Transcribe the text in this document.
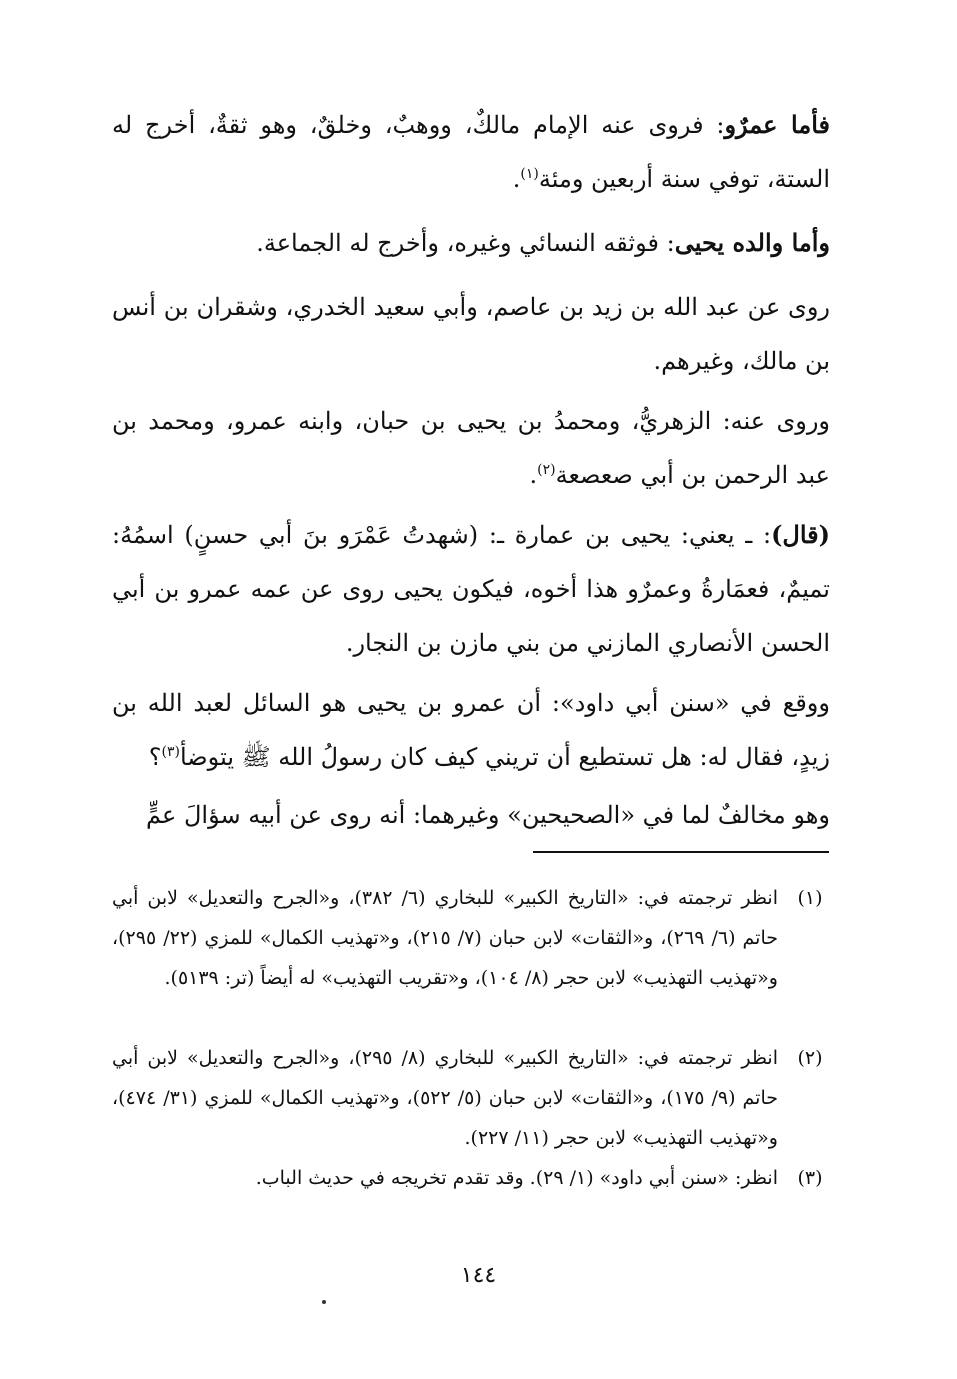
فأما عمرٌو: فروى عنه الإمام مالكٌ، ووهبٌ، وخلقٌ، وهو ثقةٌ، أخرج له الستة، توفي سنة أربعين ومئة$^{(١)}$.

وأما والده يحيى: فوثقه النسائي وغيره، وأخرج له الجماعة.

روى عن عبد الله بن زيد بن عاصم، وأبي سعيد الخدري، وشقران بن أنس بن مالك، وغيرهم.

وروى عنه: الزهريُّ، ومحمدُ بن يحيى بن حبان، وابنه عمرو، ومحمد بن عبد الرحمن بن أبي صعصعة$^{(٢)}$.

(قال): ـ يعني: يحيى بن عمارة ـ: (شهدتُ عَمْرَو بنَ أبي حسنٍ) اسمُهُ: تميمٌ، فعمَارةُ وعمرٌو هذا أخوه، فيكون يحيى روى عن عمه عمرو بن أبي الحسن الأنصاري المازني من بني مازن بن النجار.

ووقع في «سنن أبي داود»: أن عمرو بن يحيى هو السائل لعبد الله بن زيدٍ، فقال له: هل تستطيع أن تريني كيف كان رسولُ الله ﷺ يتوضأ$^{(٣)}$؟

وهو مخالفٌ لما في «الصحيحين» وغيرهما: أنه روى عن أبيه سؤالَ عمٍّ

(١)
انظر ترجمته في: «التاريخ الكبير» للبخاري (٦/ ٣٨٢)، و«الجرح والتعديل» لابن أبي حاتم (٦/ ٢٦٩)، و«الثقات» لابن حبان (٧/ ٢١٥)، و«تهذيب الكمال» للمزي (٢٢/ ٢٩٥)، و«تهذيب التهذيب» لابن حجر (٨/ ١٠٤)، و«تقريب التهذيب» له أيضاً (تر: ٥١٣٩).
(٢)
انظر ترجمته في: «التاريخ الكبير» للبخاري (٨/ ٢٩٥)، و«الجرح والتعديل» لابن أبي حاتم (٩/ ١٧٥)، و«الثقات» لابن حبان (٥/ ٥٢٢)، و«تهذيب الكمال» للمزي (٣١/ ٤٧٤)، و«تهذيب التهذيب» لابن حجر (١١/ ٢٢٧).
(٣)
انظر: «سنن أبي داود» (١/ ٢٩). وقد تقدم تخريجه في حديث الباب.
١٤٤
